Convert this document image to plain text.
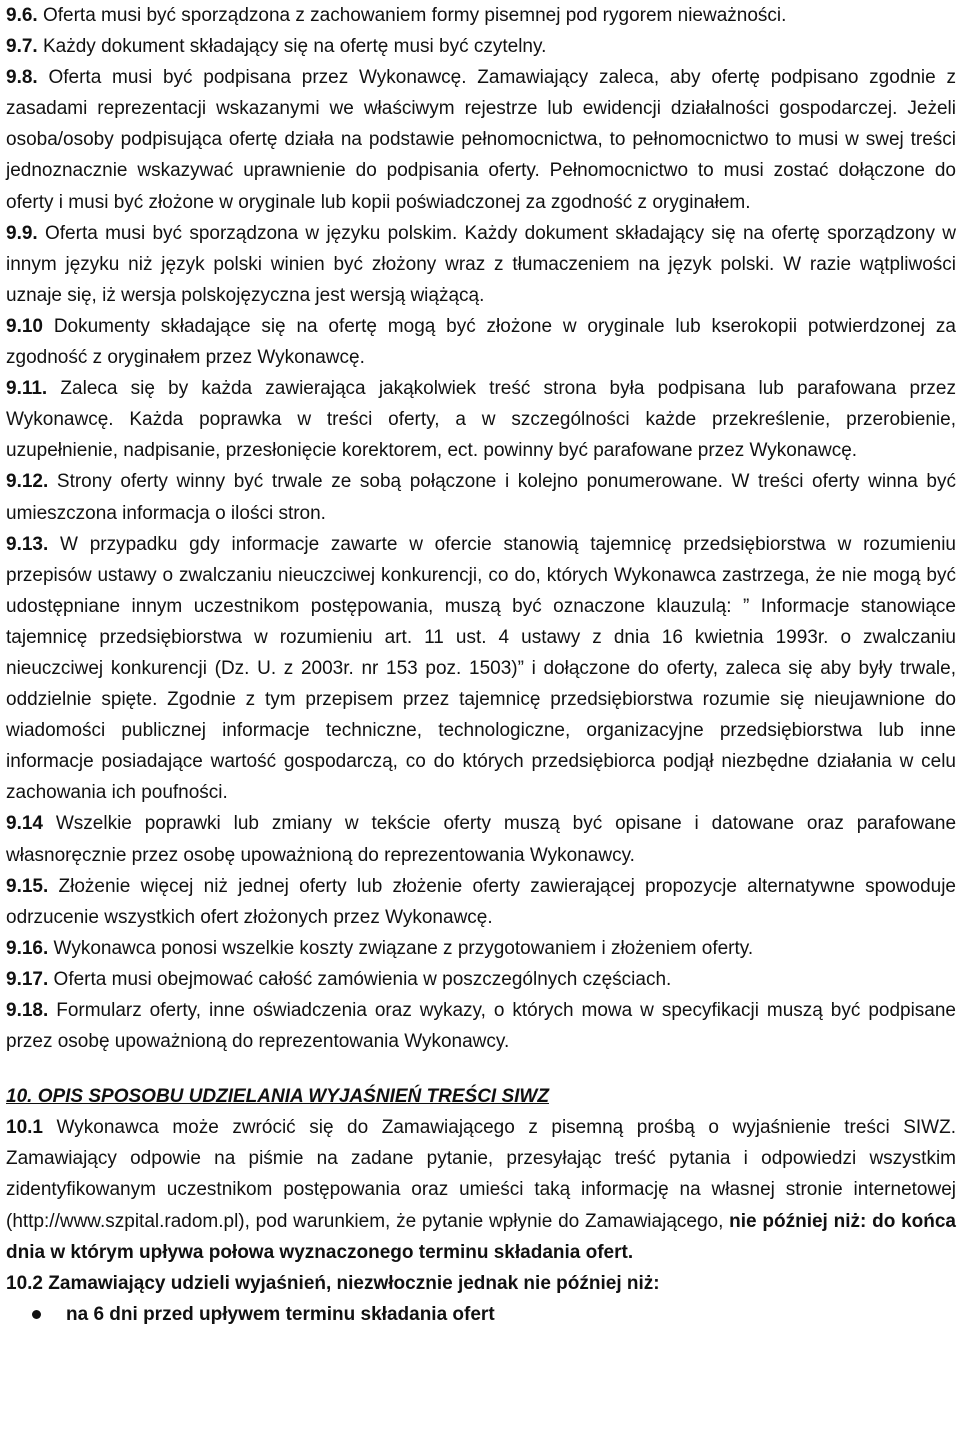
9.6. Oferta musi być sporządzona z zachowaniem formy pisemnej pod rygorem nieważności.

9.7. Każdy dokument składający się na ofertę musi być czytelny.

9.8. Oferta musi być podpisana przez Wykonawcę. Zamawiający zaleca, aby ofertę podpisano zgodnie z zasadami reprezentacji wskazanymi we właściwym rejestrze lub ewidencji działalności gospodarczej. Jeżeli osoba/osoby podpisująca ofertę działa na podstawie pełnomocnictwa, to pełnomocnictwo to musi w swej treści jednoznacznie wskazywać uprawnienie do podpisania oferty. Pełnomocnictwo to musi zostać dołączone do oferty i musi być złożone w oryginale lub kopii poświadczonej za zgodność z oryginałem.

9.9. Oferta musi być sporządzona w języku polskim. Każdy dokument składający się na ofertę sporządzony w innym języku niż język polski winien być złożony wraz z tłumaczeniem na język polski. W razie wątpliwości uznaje się, iż wersja polskojęzyczna jest wersją wiążącą.

9.10 Dokumenty składające się na ofertę mogą być złożone w oryginale lub kserokopii potwierdzonej za zgodność z oryginałem przez Wykonawcę.

9.11. Zaleca się by każda zawierająca jakąkolwiek treść strona była podpisana lub parafowana przez Wykonawcę. Każda poprawka w treści oferty, a w szczególności każde przekreślenie, przerobienie, uzupełnienie, nadpisanie, przesłonięcie korektorem, ect. powinny być parafowane przez Wykonawcę.

9.12. Strony oferty winny być trwale ze sobą połączone i kolejno ponumerowane. W treści oferty winna być umieszczona informacja o ilości stron.

9.13. W przypadku gdy informacje zawarte w ofercie stanowią tajemnicę przedsiębiorstwa w rozumieniu przepisów ustawy o zwalczaniu nieuczciwej konkurencji, co do, których Wykonawca zastrzega, że nie mogą być udostępniane innym uczestnikom postępowania, muszą być oznaczone klauzulą: ” Informacje stanowiące tajemnicę przedsiębiorstwa w rozumieniu art. 11 ust. 4 ustawy z dnia 16 kwietnia 1993r. o zwalczaniu nieuczciwej konkurencji (Dz. U. z 2003r. nr 153 poz. 1503)” i dołączone do oferty, zaleca się aby były trwale, oddzielnie spięte. Zgodnie z tym przepisem przez tajemnicę przedsiębiorstwa rozumie się nieujawnione do wiadomości publicznej informacje techniczne, technologiczne, organizacyjne przedsiębiorstwa lub inne informacje posiadające wartość gospodarczą, co do których przedsiębiorca podjął niezbędne działania w celu zachowania ich poufności.

9.14 Wszelkie poprawki lub zmiany w tekście oferty muszą być opisane i datowane oraz parafowane własnoręcznie przez osobę upoważnioną do reprezentowania Wykonawcy.

9.15. Złożenie więcej niż jednej oferty lub złożenie oferty zawierającej propozycje alternatywne spowoduje odrzucenie wszystkich ofert złożonych przez Wykonawcę.

9.16. Wykonawca ponosi wszelkie koszty związane z przygotowaniem i złożeniem oferty.

9.17. Oferta musi obejmować całość zamówienia w poszczególnych częściach.

9.18. Formularz oferty, inne oświadczenia oraz wykazy, o których mowa w specyfikacji muszą być podpisane przez osobę upoważnioną do reprezentowania Wykonawcy.

10. OPIS SPOSOBU UDZIELANIA WYJAŚNIEŃ TREŚCI SIWZ

10.1 Wykonawca może zwrócić się do Zamawiającego z pisemną prośbą o wyjaśnienie treści SIWZ. Zamawiający odpowie na piśmie na zadane pytanie, przesyłając treść pytania i odpowiedzi wszystkim zidentyfikowanym uczestnikom postępowania oraz umieści taką informację na własnej stronie internetowej (http://www.szpital.radom.pl), pod warunkiem, że pytanie wpłynie do Zamawiającego, nie później niż: do końca dnia w którym upływa połowa wyznaczonego terminu składania ofert.

10.2 Zamawiający udzieli wyjaśnień, niezwłocznie jednak nie później niż:

na 6 dni przed upływem terminu składania ofert
